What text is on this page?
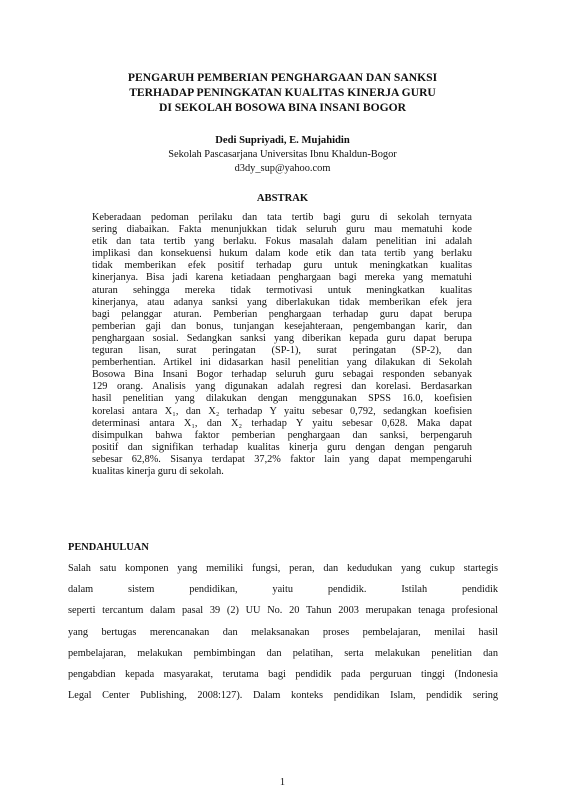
PENGARUH PEMBERIAN PENGHARGAAN DAN SANKSI
TERHADAP PENINGKATAN KUALITAS KINERJA GURU
DI SEKOLAH BOSOWA BINA INSANI BOGOR
Dedi Supriyadi, E. Mujahidin
Sekolah Pascasarjana Universitas Ibnu Khaldun-Bogor
d3dy_sup@yahoo.com
ABSTRAK
Keberadaan pedoman perilaku dan tata tertib bagi guru di sekolah ternyata
sering diabaikan. Fakta menunjukkan tidak seluruh guru mau mematuhi kode
etik dan tata tertib yang berlaku. Fokus masalah dalam penelitian ini adalah
implikasi dan konsekuensi hukum dalam kode etik dan tata tertib yang berlaku
tidak memberikan efek positif terhadap guru untuk meningkatkan kualitas
kinerjanya. Bisa jadi karena ketiadaan penghargaan bagi mereka yang mematuhi
aturan sehingga mereka tidak termotivasi untuk meningkatkan kualitas
kinerjanya, atau adanya sanksi yang diberlakukan tidak memberikan efek jera
bagi pelanggar aturan. Pemberian penghargaan terhadap guru dapat berupa
pemberian gaji dan bonus, tunjangan kesejahteraan, pengembangan karir, dan
penghargaan sosial. Sedangkan sanksi yang diberikan kepada guru dapat berupa
teguran lisan, surat peringatan (SP-1), surat peringatan (SP-2), dan
pemberhentian. Artikel ini didasarkan hasil penelitian yang dilakukan di Sekolah
Bosowa Bina Insani Bogor terhadap seluruh guru sebagai responden sebanyak
129 orang. Analisis yang digunakan adalah regresi dan korelasi. Berdasarkan
hasil penelitian yang dilakukan dengan menggunakan SPSS 16.0, koefisien
korelasi antara X₁, dan X₂ terhadap Y yaitu sebesar 0,792, sedangkan koefisien
determinasi antara X₁, dan X₂ terhadap Y yaitu sebesar 0,628. Maka dapat
disimpulkan bahwa faktor pemberian penghargaan dan sanksi, berpengaruh
positif dan signifikan terhadap kualitas kinerja guru dengan dengan pengaruh
sebesar 62,8%. Sisanya terdapat 37,2% faktor lain yang dapat mempengaruhi
kualitas kinerja guru di sekolah.
PENDAHULUAN
Salah satu komponen yang memiliki fungsi, peran, dan kedudukan yang cukup startegis
dalam sistem pendidikan, yaitu pendidik. Istilah pendidik
seperti tercantum dalam pasal 39 (2) UU No. 20 Tahun 2003 merupakan tenaga profesional
yang bertugas merencanakan dan melaksanakan proses pembelajaran, menilai hasil
pembelajaran, melakukan pembimbingan dan pelatihan, serta melakukan penelitian dan
pengabdian kepada masyarakat, terutama bagi pendidik pada perguruan tinggi (Indonesia
Legal Center Publishing, 2008:127). Dalam konteks pendidikan Islam, pendidik sering
1
